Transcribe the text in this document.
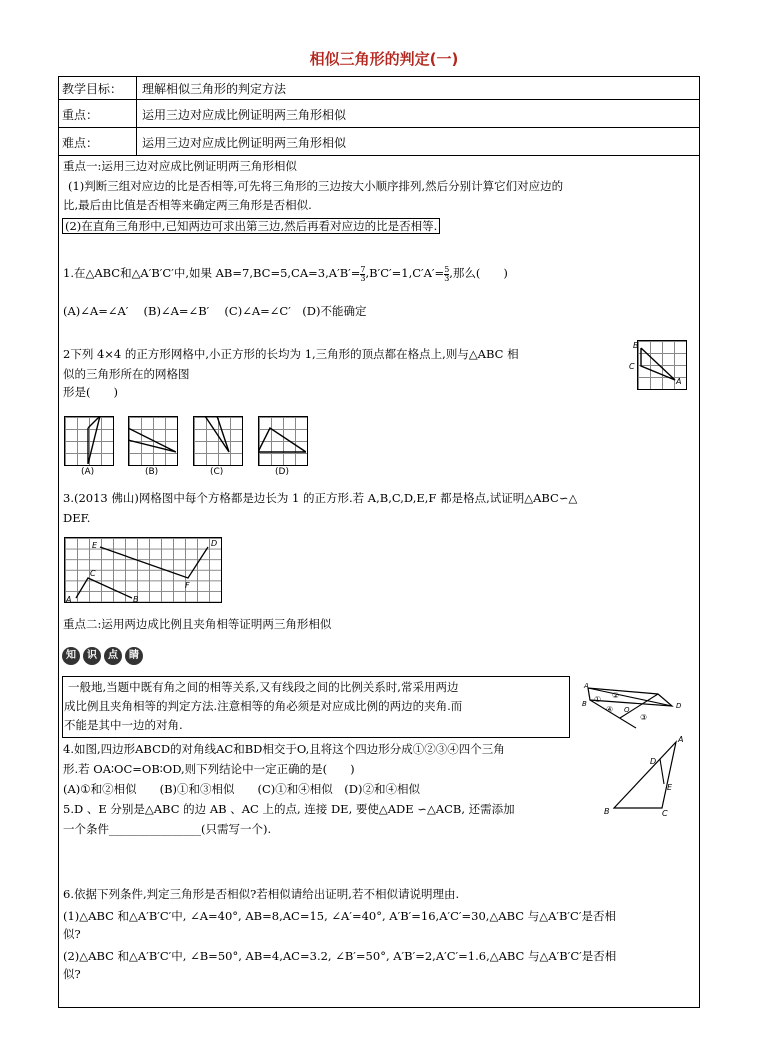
相似三角形的判定(一)
教学目标： 理解相似三角形的判定方法
重点：	运用三边对应成比例证明两三角形相似
难点：	运用三边对应成比例证明两三角形相似
重点一:运用三边对应成比例证明两三角形相似
(1)判断三组对应边的比是否相等,可先将三角形的三边按大小顺序排列,然后分别计算它们对应边的
比,最后由比值是否相等来确定两三角形是否相似.
(2)在直角三角形中,已知两边可求出第三边,然后再看对应边的比是否相等.
1.在△ABC和△A′B′C′中,如果 $AB=7,BC=5,CA=3,A'B'= \frac{7}{3} ,B'C'=1,C'A'= \frac{5}{3}$ ,那么(　　)
(A)∠A=∠A′　 (B)∠A=∠B′　 (C)∠A=∠C′　(D)不能确定
2下列 4×4 的正方形网格中,小正方形的长均为 1,三角形的顶点都在格点上,则与△ABC 相
似的三角形所在的网格图
形是(　　)
B
C
A
(A)	(B)	(C)	(D)
3.(2013 佛山)网格图中每个方格都是边长为 1 的正方形.若 A,B,C,D,E,F 都是格点,试证明△ABC∽△
DEF.
E	D
C
F
A	B
重点二:运用两边成比例且夹角相等证明两三角形相似
知	识	点	睛
一般地,当题中既有角之间的相等关系,又有线段之间的比例关系时,常采用两边
成比例且夹角相等的判定方法.注意相等的角必须是对应成比例的两边的夹角.而
不能是其中一边的对角.
A
B
O	D
① ②
③
④
4.如图,四边形ABCD的对角线AC和BD相交于O,且将这个四边形分成①②③④四个三角
形.若 OA∶OC=OB∶OD,则下列结论中一定正确的是(　　)
(A)①和②相似　　(B)①和③相似　　(C)①和④相似　(D)②和④相似
5.D 、E 分别是△ABC 的边 AB 、AC 上的点, 连接 DE, 要使△ADE ∽△ACB, 还需添加
一个条件________________(只需写一个).
A
D
E
B	C
6.依据下列条件,判定三角形是否相似?若相似请给出证明,若不相似请说明理由.
(1)△ABC 和△A′B′C′中, ∠A=40°, AB=8,AC=15, ∠A′=40°, A′B′=16,A′C′=30,△ABC 与△A′B′C′是否相
似?
(2)△ABC 和△A′B′C′中, ∠B=50°, AB=4,AC=3.2, ∠B′=50°, A′B′=2,A′C′=1.6,△ABC 与△A′B′C′是否相
似?
